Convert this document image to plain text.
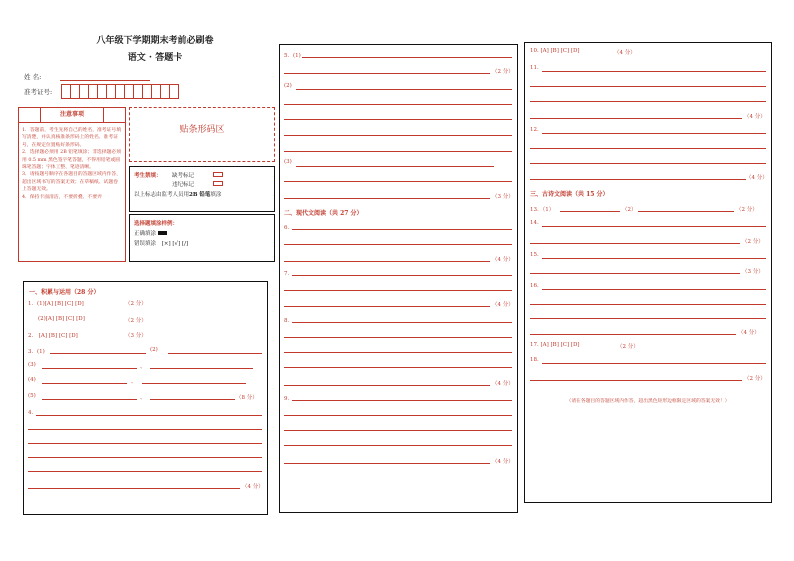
八年级下学期期末考前必刷卷
语文 · 答题卡
姓 名:
准考证号:
注意事项

1．答题前，考生先将自己的姓名，准考证号填写清楚，并认真核准条形码上的姓名、准考证号，在规定位置贴好条形码。

2．选择题必须用 2B 铅笔填涂；非选择题必须用 0.5 mm 黑色签字笔答题，不得用铅笔或圆珠笔答题；字体工整、笔迹清晰。

3．请按题号顺序在各题目的答题区域内作答，超出区域书写的答案无效；在草稿纸、试题卷上答题无效。

4．保持卡面清洁，不要折叠、不要弄

贴条形码区
考生禁填： 缺考标记
违纪标记
以上标志由监考人员用2B 铅笔填涂
选择题填涂样例：
正确填涂
错误填涂 [×] [√] [/]
一、积累与运用（28 分）
1．(1)[A] [B] [C] [D]	（2 分）
(2)[A] [B] [C] [D]	（2 分）
2． [A] [B] [C] [D]	（3 分）
3．(1)	(2)
(3)	、
(4)	、
(5)	、	（8 分）
4．
（4 分）
5．(1)
（2 分）
(2)
(3)
（3 分）
二、现代文阅读（共 27 分）
6．
（4 分）
7．
（4 分）
8．
（4 分）
9．
（4 分）
10. [A] [B] [C] [D]	（4 分）
11.
（4 分）
12.
（4 分）
三、古诗文阅读（共 15 分）
13．（1）	（2）	（2 分）
14.
（2 分）
15.
（3 分）
16.
（4 分）
17. [A] [B] [C] [D]	（2 分）
18.
（2 分）
（请在各题目的答题区域内作答，超出黑色矩形边框限定区域的答案无效！）
